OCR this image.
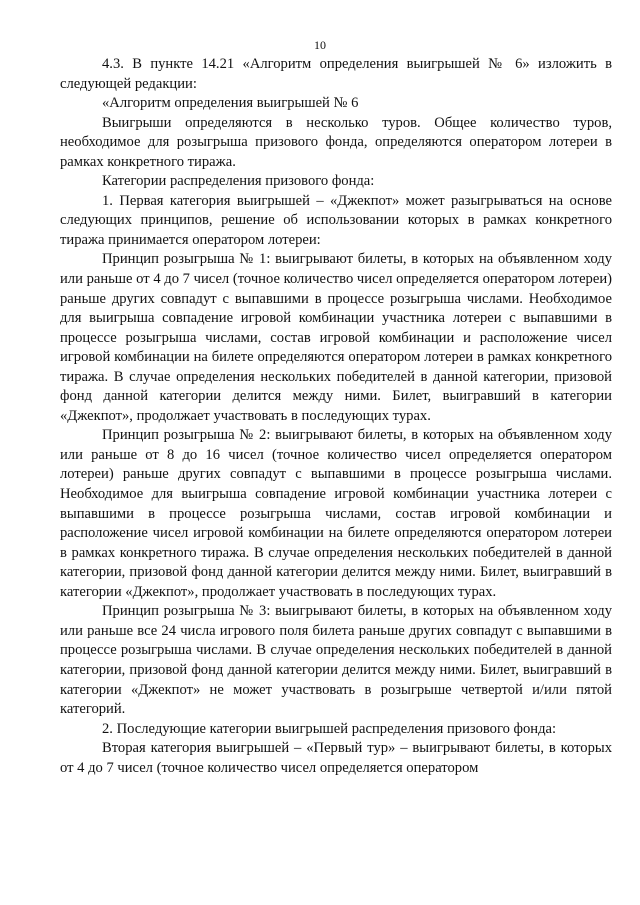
10

4.3. В пункте 14.21 «Алгоритм определения выигрышей № 6» изложить в следующей редакции:

«Алгоритм определения выигрышей № 6

Выигрыши определяются в несколько туров. Общее количество туров, необходимое для розыгрыша призового фонда, определяются оператором лотереи в рамках конкретного тиража.

Категории распределения призового фонда:

1. Первая категория выигрышей – «Джекпот» может разыгрываться на основе следующих принципов, решение об использовании которых в рамках конкретного тиража принимается оператором лотереи:

Принцип розыгрыша № 1: выигрывают билеты, в которых на объявленном ходу или раньше от 4 до 7 чисел (точное количество чисел определяется оператором лотереи) раньше других совпадут с выпавшими в процессе розыгрыша числами. Необходимое для выигрыша совпадение игровой комбинации участника лотереи с выпавшими в процессе розыгрыша числами, состав игровой комбинации и расположение чисел игровой комбинации на билете определяются оператором лотереи в рамках конкретного тиража. В случае определения нескольких победителей в данной категории, призовой фонд данной категории делится между ними. Билет, выигравший в категории «Джекпот», продолжает участвовать в последующих турах.

Принцип розыгрыша № 2: выигрывают билеты, в которых на объявленном ходу или раньше от 8 до 16 чисел (точное количество чисел определяется оператором лотереи) раньше других совпадут с выпавшими в процессе розыгрыша числами. Необходимое для выигрыша совпадение игровой комбинации участника лотереи с выпавшими в процессе розыгрыша числами, состав игровой комбинации и расположение чисел игровой комбинации на билете определяются оператором лотереи в рамках конкретного тиража. В случае определения нескольких победителей в данной категории, призовой фонд данной категории делится между ними. Билет, выигравший в категории «Джекпот», продолжает участвовать в последующих турах.

Принцип розыгрыша № 3: выигрывают билеты, в которых на объявленном ходу или раньше все 24 числа игрового поля билета раньше других совпадут с выпавшими в процессе розыгрыша числами. В случае определения нескольких победителей в данной категории, призовой фонд данной категории делится между ними. Билет, выигравший в категории «Джекпот» не может участвовать в розыгрыше четвертой и/или пятой категорий.

2. Последующие категории выигрышей распределения призового фонда:

Вторая категория выигрышей – «Первый тур» – выигрывают билеты, в которых от 4 до 7 чисел (точное количество чисел определяется оператором
